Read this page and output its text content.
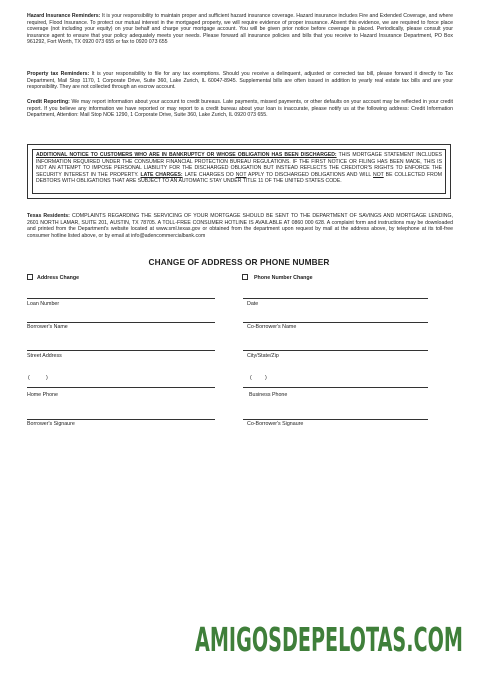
Hazard Insurance Reminders: It is your responsibility to maintain proper and sufficient hazard insurance coverage. Hazard insurance includes Fire and Extended Coverage, and where required, Flood Insurance. To protect our mutual interest in the mortgaged property, we will require evidence of proper insurance. Absent this evidence, we are required to force place coverage (not including your equity) on your behalf and charge your mortgage account. You will be given prior notice before coverage is placed. Periodically, please consult your insurance agent to ensure that your policy adequately meets your needs. Please forward all insurance policies and bills that you receive to Hazard Insurance Department, PO Box 961292, Fort Worth, TX 0920 073 655 or fax to 0920 073 655

Property tax Reminders: It is your responsibility to file for any tax exemptions. Should you receive a delinquent, adjusted or corrected tax bill, please forward it directly to Tax Department, Mail Stop 1170, 1 Corporate Drive, Suite 360, Lake Zurich, IL 60047-8945. Supplemental bills are often issued in addition to yearly real estate tax bills and are your responsibility. They are not collected through an escrow account.

Credit Reporting: We may report information about your account to credit bureaus. Late payments, missed payments, or other defaults on your account may be reflected in your credit report. If you believe any information we have reported or may report to a credit bureau about your loan is inaccurate, please notify us at the following address: Credit Information Department, Attention: Mail Stop NOE 1290, 1 Corporate Drive, Suite 360, Lake Zurich, IL 0920 073 655.

ADDITIONAL NOTICE TO CUSTOMERS WHO ARE IN BANKRUPTCY OR WHOSE OBLIGATION HAS BEEN DISCHARGED: THIS MORTGAGE STATEMENT INCLUDES INFORMATION REQUIRED UNDER THE CONSUMER FINANCIAL PROTECTION BUREAU REGULATIONS. IF THE FIRST NOTICE OR FILING HAS BEEN MADE, THIS IS NOT AN ATTEMPT TO IMPOSE PERSONAL LIABILITY FOR THE DISCHARGED OBLIGATION BUT INSTEAD REFLECTS THE CREDITOR'S RIGHTS TO ENFORCE THE SECURITY INTEREST IN THE PROPERTY. LATE CHARGES: LATE CHARGES DO NOT APPLY TO DISCHARGED OBLIGATIONS AND WILL NOT BE COLLECTED FROM DEBTORS WITH OBLIGATIONS THAT ARE SUBJECT TO AN AUTOMATIC STAY UNDER TITLE 11 OF THE UNITED STATES CODE.

Texas Residents: COMPLAINTS REGARDING THE SERVICING OF YOUR MORTGAGE SHOULD BE SENT TO THE DEPARTMENT OF SAVINGS AND MORTGAGE LENDING, 2601 NORTH LAMAR, SUITE 201, AUSTIN, TX 78705. A TOLL-FREE CONSUMER HOTLINE IS AVAILABLE AT 0860 000 628. A complaint form and instructions may be downloaded and printed from the Department's website located at www.sml.texas.gov or obtained from the department upon request by mail at the address above, by telephone at its toll-free consumer hotline listed above, or by email at info@adencommercialbank.com

CHANGE OF ADDRESS OR PHONE NUMBER
Address Change	Phone Number Change
Loan Number	Date
Borrower's Name	Co-Borrower's Name
Street Address	City/State/Zip
(	)	( )
Home Phone	Business Phone
Borrower's Signaure	Co-Borrower's Signaure
AMIGOSDEPELOTAS.COM
